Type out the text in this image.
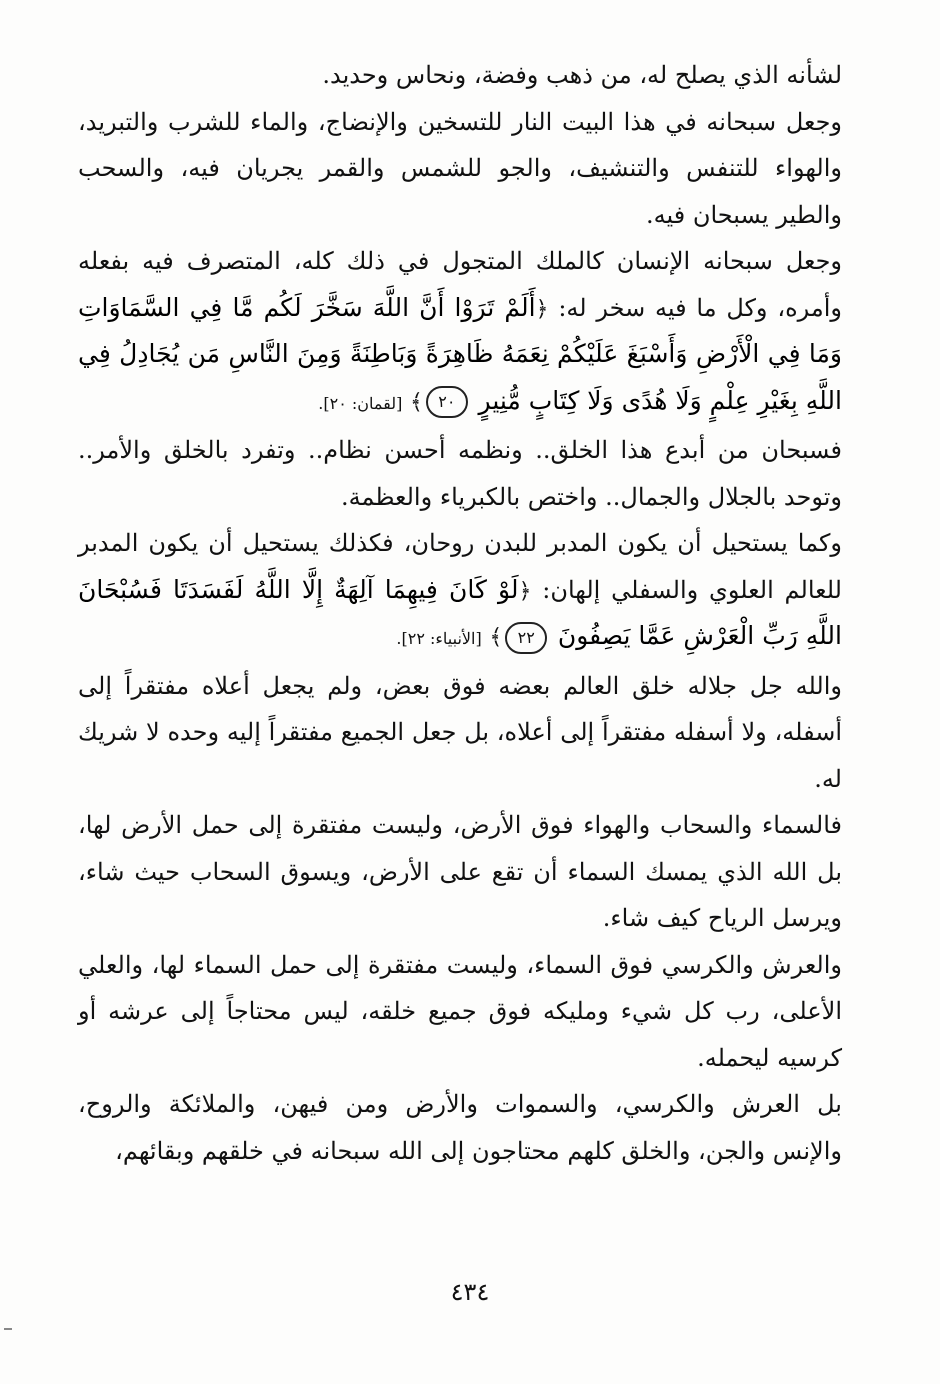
لشأنه الذي يصلح له، من ذهب وفضة، ونحاس وحديد.

وجعل سبحانه في هذا البيت النار للتسخين والإنضاج، والماء للشرب والتبريد، والهواء للتنفس والتنشيف، والجو للشمس والقمر يجريان فيه، والسحب والطير يسبحان فيه.

وجعل سبحانه الإنسان كالملك المتجول في ذلك كله، المتصرف فيه بفعله وأمره، وكل ما فيه سخر له: ﴿أَلَمْ تَرَوْا أَنَّ اللَّهَ سَخَّرَ لَكُم مَّا فِي السَّمَاوَاتِ وَمَا فِي الْأَرْضِ وَأَسْبَغَ عَلَيْكُمْ نِعَمَهُ ظَاهِرَةً وَبَاطِنَةً وَمِنَ النَّاسِ مَن يُجَادِلُ فِي اللَّهِ بِغَيْرِ عِلْمٍ وَلَا هُدًى وَلَا كِتَابٍ مُّنِيرٍ ٢٠﴾ [لقمان: ٢٠].

فسبحان من أبدع هذا الخلق.. ونظمه أحسن نظام.. وتفرد بالخلق والأمر.. وتوحد بالجلال والجمال.. واختص بالكبرياء والعظمة.

وكما يستحيل أن يكون المدبر للبدن روحان، فكذلك يستحيل أن يكون المدبر للعالم العلوي والسفلي إلهان: ﴿لَوْ كَانَ فِيهِمَا آلِهَةٌ إِلَّا اللَّهُ لَفَسَدَتَا فَسُبْحَانَ اللَّهِ رَبِّ الْعَرْشِ عَمَّا يَصِفُونَ ٢٢﴾ [الأنبياء: ٢٢].

والله جل جلاله خلق العالم بعضه فوق بعض، ولم يجعل أعلاه مفتقراً إلى أسفله، ولا أسفله مفتقراً إلى أعلاه، بل جعل الجميع مفتقراً إليه وحده لا شريك له.

فالسماء والسحاب والهواء فوق الأرض، وليست مفتقرة إلى حمل الأرض لها، بل الله الذي يمسك السماء أن تقع على الأرض، ويسوق السحاب حيث شاء، ويرسل الرياح كيف شاء.

والعرش والكرسي فوق السماء، وليست مفتقرة إلى حمل السماء لها، والعلي الأعلى، رب كل شيء ومليكه فوق جميع خلقه، ليس محتاجاً إلى عرشه أو كرسيه ليحمله.

بل العرش والكرسي، والسموات والأرض ومن فيهن، والملائكة والروح، والإنس والجن، والخلق كلهم محتاجون إلى الله سبحانه في خلقهم وبقائهم،

٤٣٤
